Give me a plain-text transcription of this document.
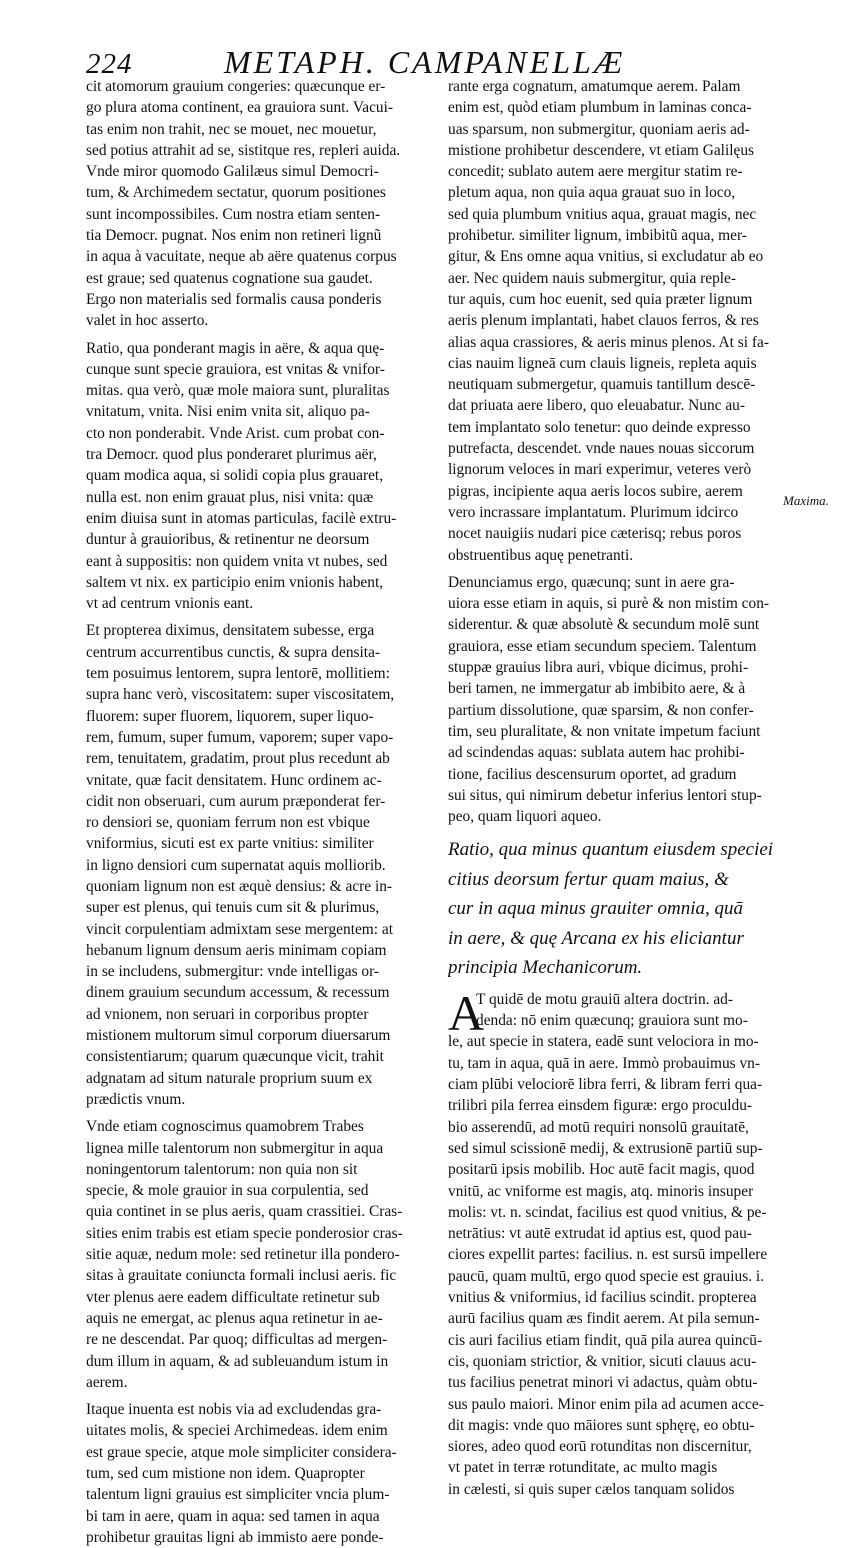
224	METAPH. CAMPANELLÆ
cit atomorum grauium congeries: quæcunque er-
go plura atoma continent, ea grauiora sunt. Vacui-
tas enim non trahit, nec se mouet, nec mouetur,
sed potius attrahit ad se, sistitque res, repleri auida.
Vnde miror quomodo Galilæus simul Democri-
tum, & Archimedem sectatur, quorum positiones
sunt incompossibiles. Cum nostra etiam senten-
tia Democr. pugnat. Nos enim non retineri lignũ
in aqua à vacuitate, neque ab aëre quatenus corpus
est graue; sed quatenus cognatione sua gaudet.
Ergo non materialis sed formalis causa ponderis
valet in hoc asserto.
Ratio, qua ponderant magis in aëre, & aqua quę-
cunque sunt specie grauiora, est vnitas & vnifor-
mitas. qua verò, quæ mole maiora sunt, pluralitas
vnitatum, vnita. Nisi enim vnita sit, aliquo pa-
cto non ponderabit. Vnde Arist. cum probat con-
tra Democr. quod plus ponderaret plurimus aër,
quam modica aqua, si solidi copia plus grauaret,
nulla est. non enim grauat plus, nisi vnita: quæ
enim diuisa sunt in atomas particulas, facilè extru-
duntur à grauioribus, & retinentur ne deorsum
eant à suppositis: non quidem vnita vt nubes, sed
saltem vt nix. ex participio enim vnionis habent,
vt ad centrum vnionis eant.
Et propterea diximus, densitatem subesse, erga
centrum accurrentibus cunctis, & supra densita-
tem posuimus lentorem, supra lentorē, mollitiem:
supra hanc verò, viscositatem: super viscositatem,
fluorem: super fluorem, liquorem, super liquo-
rem, fumum, super fumum, vaporem; super vapo-
rem, tenuitatem, gradatim, prout plus recedunt ab
vnitate, quæ facit densitatem. Hunc ordinem ac-
cidit non obseruari, cum aurum præponderat fer-
ro densiori se, quoniam ferrum non est vbique
vniformius, sicuti est ex parte vnitius: similiter
in ligno densiori cum supernatat aquis molliorib.
quoniam lignum non est æquè densius: & acre in-
super est plenus, qui tenuis cum sit & plurimus,
vincit corpulentiam admixtam sese mergentem: at
hebanum lignum densum aeris minimam copiam
in se includens, submergitur: vnde intelligas or-
dinem grauium secundum accessum, & recessum
ad vnionem, non seruari in corporibus propter
mistionem multorum simul corporum diuersarum
consistentiarum; quarum quæcunque vicit, trahit
adgnatam ad situm naturale proprium suum ex
prædictis vnum.
Vnde etiam cognoscimus quamobrem Trabes
lignea mille talentorum non submergitur in aqua
noningentorum talentorum: non quia non sit
specie, & mole grauior in sua corpulentia, sed
quia continet in se plus aeris, quam crassitiei. Cras-
sities enim trabis est etiam specie ponderosior cras-
sitie aquæ, nedum mole: sed retinetur illa pondero-
sitas à grauitate coniuncta formali inclusi aeris. fic
vter plenus aere eadem difficultate retinetur sub
aquis ne emergat, ac plenus aqua retinetur in ae-
re ne descendat. Par quoq; difficultas ad mergen-
dum illum in aquam, & ad subleuandum istum in
aerem.
Itaque inuenta est nobis via ad excludendas gra-
uitates molis, & speciei Archimedeas. idem enim
est graue specie, atque mole simpliciter considera-
tum, sed cum mistione non idem. Quapropter
talentum ligni grauius est simpliciter vncia plum-
bi tam in aere, quam in aqua: sed tamen in aqua
prohibetur grauitas ligni ab immisto aere ponde-
rante erga cognatum, amatumque aerem. Palam
enim est, quòd etiam plumbum in laminas conca-
uas sparsum, non submergitur, quoniam aeris ad-
mistione prohibetur descendere, vt etiam Galilęus
concedit; sublato autem aere mergitur statim re-
pletum aqua, non quia aqua grauat suo in loco,
sed quia plumbum vnitius aqua, grauat magis, nec
prohibetur. similiter lignum, imbibitũ aqua, mer-
gitur, & Ens omne aqua vnitius, si excludatur ab eo
aer. Nec quidem nauis submergitur, quia reple-
tur aquis, cum hoc euenit, sed quia præter lignum
aeris plenum implantati, habet clauos ferros, & res
alias aqua crassiores, & aeris minus plenos. At si fa-
cias nauim ligneā cum clauis ligneis, repleta aquis
neutiquam submergetur, quamuis tantillum descē-
dat priuata aere libero, quo eleuabatur. Nunc au-
tem implantato solo tenetur: quo deinde expresso
putrefacta, descendet. vnde naues nouas siccorum
lignorum veloces in mari experimur, veteres verò
pigras, incipiente aqua aeris locos subire, aerem
vero incrassare implantatum. Plurimum idcirco
nocet nauigiis nudari pice cæterisq; rebus poros
obstruentibus aquę penetranti.
Denunciamus ergo, quæcunq; sunt in aere gra-
uiora esse etiam in aquis, si purè & non mistim con-
siderentur. & quæ absolutè & secundum molē sunt
grauiora, esse etiam secundum speciem. Talentum
stuppæ grauius libra auri, vbique dicimus, prohi-
beri tamen, ne immergatur ab imbibito aere, & à
partium dissolutione, quæ sparsim, & non confer-
tim, seu pluralitate, & non vnitate impetum faciunt
ad scindendas aquas: sublata autem hac prohibi-
tione, facilius descensurum oportet, ad gradum
sui situs, qui nimirum debetur inferius lentori stup-
peo, quam liquori aqueo.
Ratio, qua minus quantum eiusdem speciei
citius deorsum fertur quam maius, &
cur in aqua minus grauiter omnia, quā
in aere, & quę Arcana ex his eliciantur
principia Mechanicorum.
A
T quidē de motu grauiū altera doctrin. ad-
denda: nō enim quæcunq; grauiora sunt mo-
le, aut specie in statera, eadē sunt velociora in mo-
tu, tam in aqua, quā in aere. Immò probauimus vn-
ciam plūbi velociorē libra ferri, & libram ferri qua-
trilibri pila ferrea einsdem figuræ: ergo proculdu-
bio asserendū, ad motū requiri nonsolū grauitatē,
sed simul scissionē medij, & extrusionē partiū sup-
positarū ipsis mobilib. Hoc autē facit magis, quod
vnitū, ac vniforme est magis, atq. minoris insuper
molis: vt. n. scindat, facilius est quod vnitius, & pe-
netrātius: vt autē extrudat id aptius est, quod pau-
ciores expellit partes: facilius. n. est sursū impellere
paucū, quam multū, ergo quod specie est grauius. i.
vnitius & vniformius, id facilius scindit. propterea
aurū facilius quam æs findit aerem. At pila semun-
cis auri facilius etiam findit, quā pila aurea quincū-
cis, quoniam strictior, & vnitior, sicuti clauus acu-
tus facilius penetrat minori vi adactus, quàm obtu-
sus paulo maiori. Minor enim pila ad acumen acce-
dit magis: vnde quo māiores sunt sphęrę, eo obtu-
siores, adeo quod eorū rotunditas non discernitur,
vt patet in terræ rotunditate, ac multo magis
in cælesti, si quis super cælos tanquam solidos
Maxima.
